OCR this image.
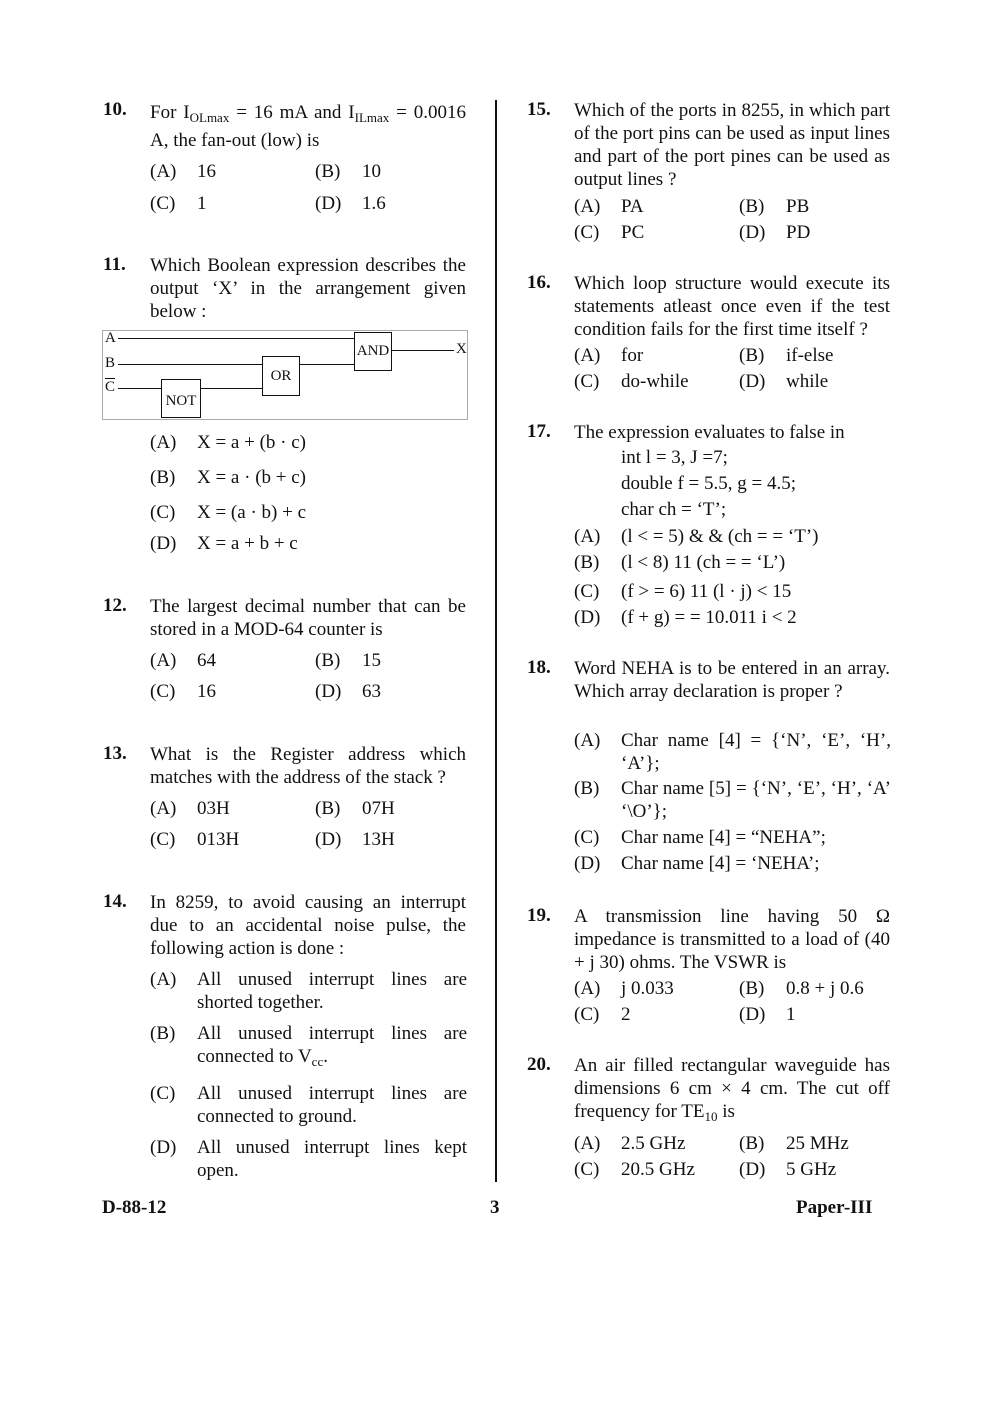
10. For $I_{OLmax} = 16$ mA and $I_{ILmax} = 0.0016$ A, the fan-out (low) is
(A) 16	(B) 10
(C) 1	(D) 1.6
11. Which Boolean expression describes the output ‘X’ in the arrangement given below :
A
B
$\overline{C}$
AND
OR
NOT
X
(A) X = a + (b · c)
(B) X = a · (b + c)
(C) X = (a · b) + c
(D) X = a + b + c
12. The largest decimal number that can be stored in a MOD-64 counter is
(A) 64	(B) 15
(C) 16	(D) 63
13. What is the Register address which matches with the address of the stack ?
(A) 03H	(B) 07H
(C) 013H	(D) 13H
14. In 8259, to avoid causing an interrupt due to an accidental noise pulse, the following action is done :
(A) All unused interrupt lines are shorted together.
(B) All unused interrupt lines are connected to $V_{cc}$.
(C) All unused interrupt lines are connected to ground.
(D) All unused interrupt lines kept open.
15. Which of the ports in 8255, in which part of the port pins can be used as input lines and part of the port pines can be used as output lines ?
(A) PA	(B) PB
(C) PC	(D) PD
16. Which loop structure would execute its statements atleast once even if the test condition fails for the first time itself ?
(A) for	(B) if-else
(C) do-while	(D) while
17. The expression evaluates to false in
int l = 3, J =7;
double f = 5.5, g = 4.5;
char ch = ‘T’;
(A) (l < = 5) & & (ch = = ‘T’)
(B) (l < 8) 11 (ch = = ‘L’)
(C) (f > = 6) 11 (l · j) < 15
(D) (f + g) = = 10.011 i < 2
18. Word NEHA is to be entered in an array. Which array declaration is proper ?
(A) Char name [4] = {‘N’, ‘E’, ‘H’, ‘A’};
(B) Char name [5] = {‘N’, ‘E’, ‘H’, ‘A’ ‘\O’};
(C) Char name [4] = “NEHA”;
(D) Char name [4] = ‘NEHA’;
19. A transmission line having 50 Ω impedance is transmitted to a load of (40 + j 30) ohms. The VSWR is
(A) j 0.033	(B) 0.8 + j 0.6
(C) 2	(D) 1
20. An air filled rectangular waveguide has dimensions 6 cm × 4 cm. The cut off frequency for $TE_{10}$ is
(A) 2.5 GHz	(B) 25 MHz
(C) 20.5 GHz (D) 5 GHz
D-88-12	3	Paper-III
